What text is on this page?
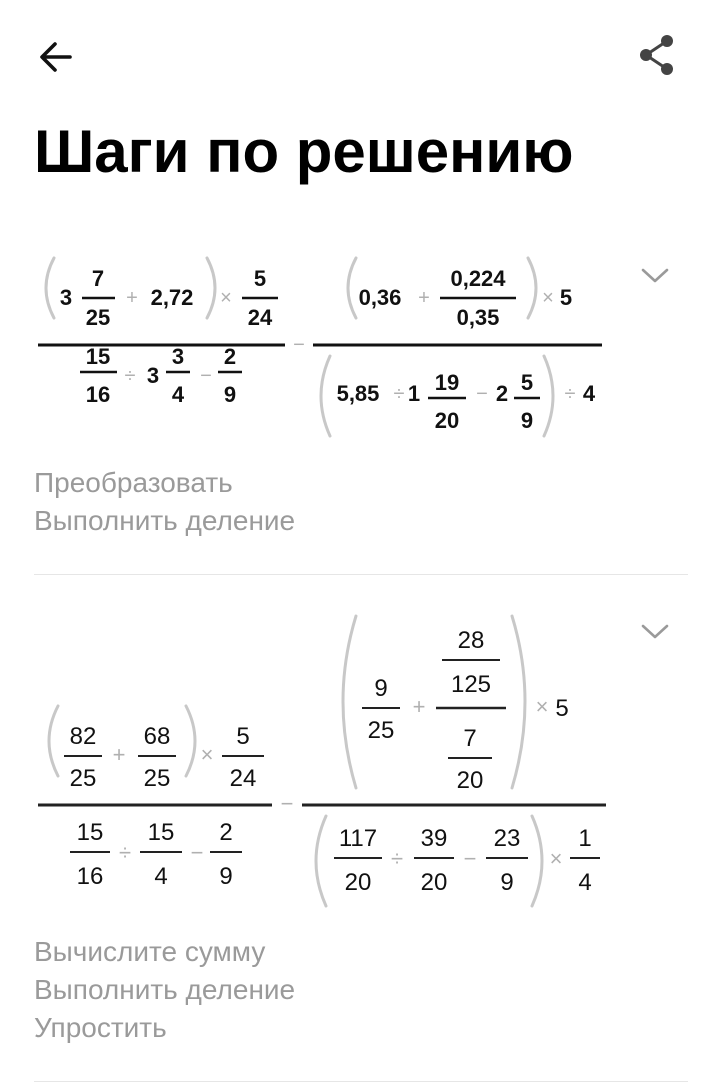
Шаги по решению
3
7
25
2,72
5
24
15
16
3
3
4
2
9
0,36
0,224
0,35
5
5,85 1 19
20
2 5
9
4
+	×
÷	−
−
+	×
÷	−	÷
Преобразовать
Выполнить деление
82
25
68
25
5
24
15
16
15
4
2
9
9
25
28
125
7
20
5
117
20
39
20
23
9
1
4
+	×
÷	−
−
+	×
÷	−	×
Вычислите сумму
Выполнить деление
Упростить
